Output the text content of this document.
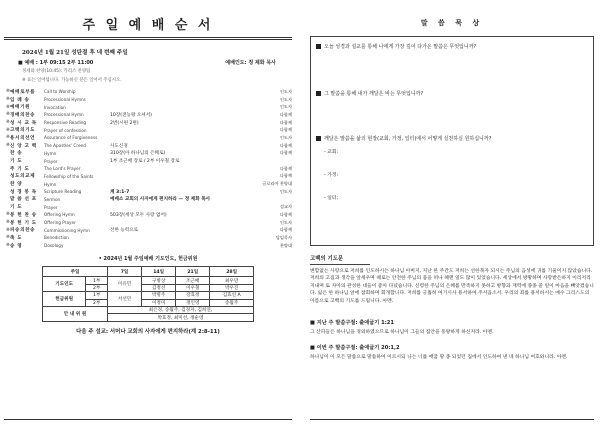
주 일 예 배 순 서
2024년 1월 21일 성탄절 후 네 번째 주일
■ 예배 : 1부 09:15 2부 11:00	예배인도: 정 제화 목사
정세와 찬양(10:45): 카리스 찬양팀
※ 표는 일어섭니다. 가능하신 분은 일어서 주십시오.
※ 예배로부름	Call to Worship	인도자
※ 입 례 송	Processional Hymns	인도자
※ 예배기원	Invocation	인도자
※ 경배의찬송	Processional Hymn	10장(전능왕 오셔서)	다함께
※ 성 시 교 독	Responsive Reading	2번(시편 2편)	다함께
※ 고백의기도	Prayer of confession	다함께
※ 용서의선언	Assurance of Forgiveness	인도자
※ 신 앙 고 백	The Apostles' Creed	사도신경	다함께
찬 송	Hymn	310장(아 하나님의 은혜로)	다함께
기 도	Prayer	1부 조근배 장로 / 2부 이우철 장로
주 기 도	The Lord's Prayer	다함께
성도의교제	Fellowship of the Saints	다함께
찬 양	Hymn	글로리아 찬양대
성 경 봉 독	Scripture Reading	계 3:1-7	인도자
말 씀 선 포	Sermon	예배소 교회의 사자에게 편지하라 — 정 제화 목사
기 도	Prayer	설교자
※ 봉 헌 찬 송	Offering Hymn	503장(세상 모두 사랑 없어)	다함께
※ 봉 헌 기 도	Offering Prayer	인도자
※ 파송의찬송	Commissioning Hymn	선한 능력으로	다함께
※ 축 도	Benediction	담임목사
※ 송 영	Doxology	찬양대
• 2024년 1월 주일예배 기도인도, 헌금위원
주일		7일	14일	21일	28일
기도인도	1부	이유민	구병상	조근배	최우만
	2부		김정선	이우철	박우진
헌금위원	1부	서선민	박명주	강효정	김효연 A
	2부		이정미	정인영	송월주
안 내 위 원		최은경, 송월주, 김경자, 김희연,			
		박효정, 최미선, 정순영			
다음 주 설교: 서머나 교회의 사자에게 편지하라(계 2:8-11)
말 씀 묵 상
오늘 성경과 설교를 통해 나에게 가장 깊이 다가온 말씀은 무엇입니까?
그 말씀을 통해 내가 깨달은 바는 무엇입니까?
깨달은 말씀을 삶의 현장(교회, 가정, 일터)에서 어떻게 실천하실 원하십니까?
- 교회:
- 가정:
- 일터:
고백의 기도문
변함없는 사랑으로 저희를 인도하시는 하나님 아버지, 지난 한 주간도 저희는 선한목자 되시는 주님의 음성에 귀를 기울이지 않았습니다. 저희의 고집과 생각을 앞세우며 때로는 안전한 주님의 품을 떠나 헤맨 일도 많이 있었습니다. 세상에서 방황하며 사랑받은하지 이리저리 지내며 또 자아의 관성한 대들이 좋아 다녔습니다. 신령한 주님의 은혜를 만족하지 못하고 방향과 재력에 종종 쓸 일이 마음을 빼앗겼습니다. 잃은 한 하나님 앞에 참회하며 회개합니다. 저희를 긍휼히 여기시사 용서하여 주시옵소서. 우리의 죄를 용서하시는 예수 그리스도의 이름으로 고백의 기도를 드립니다. 아멘.
■ 지난 주 말씀구절: 출애굽기 1:21
그 산파들은 하나님을 경외하였으므로 하나님이 그들의 집안을 흥왕하게 하신지라. 아멘.
■ 이번 주 말씀구절: 출애굽기 20:1,2
하나님이 이 모든 말씀으로 말씀하여 이르시되 나는 너를 애굽 땅 종 되었던 집에서 인도하여 낸 네 하나님 여호와니라. 아멘.
